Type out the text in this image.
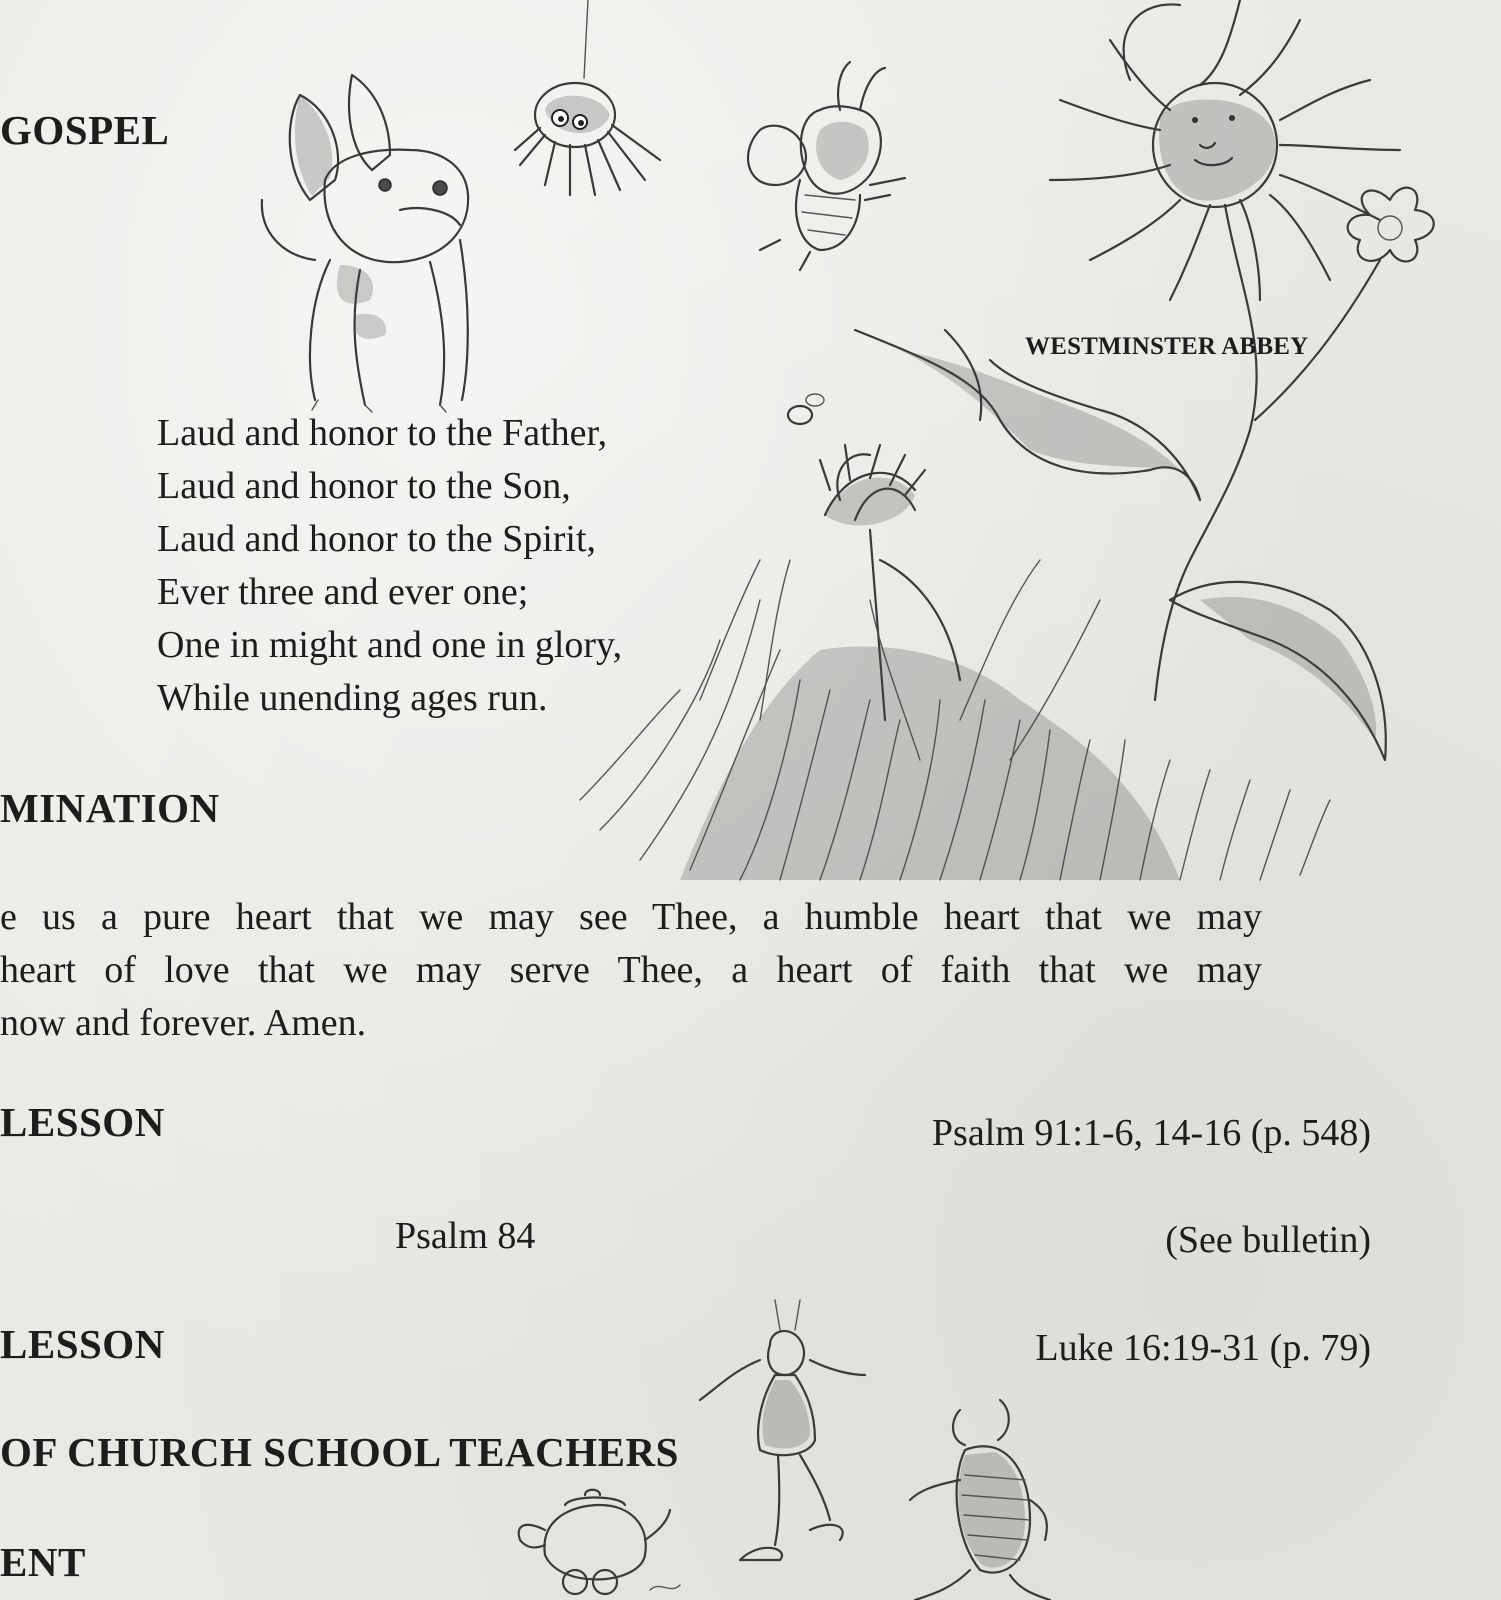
GOSPEL
WESTMINSTER ABBEY
Laud and honor to the Father,
Laud and honor to the Son,
Laud and honor to the Spirit,
Ever three and ever one;
One in might and one in glory,
While unending ages run.
MINATION
e us a pure heart that we may see Thee, a humble heart that we may
heart of love that we may serve Thee, a heart of faith that we may
now and forever. Amen.
LESSON	Psalm 91:1-6, 14-16 (p. 548)
Psalm 84	(See bulletin)
LESSON	Luke 16:19-31 (p. 79)
OF CHURCH SCHOOL TEACHERS
ENT
